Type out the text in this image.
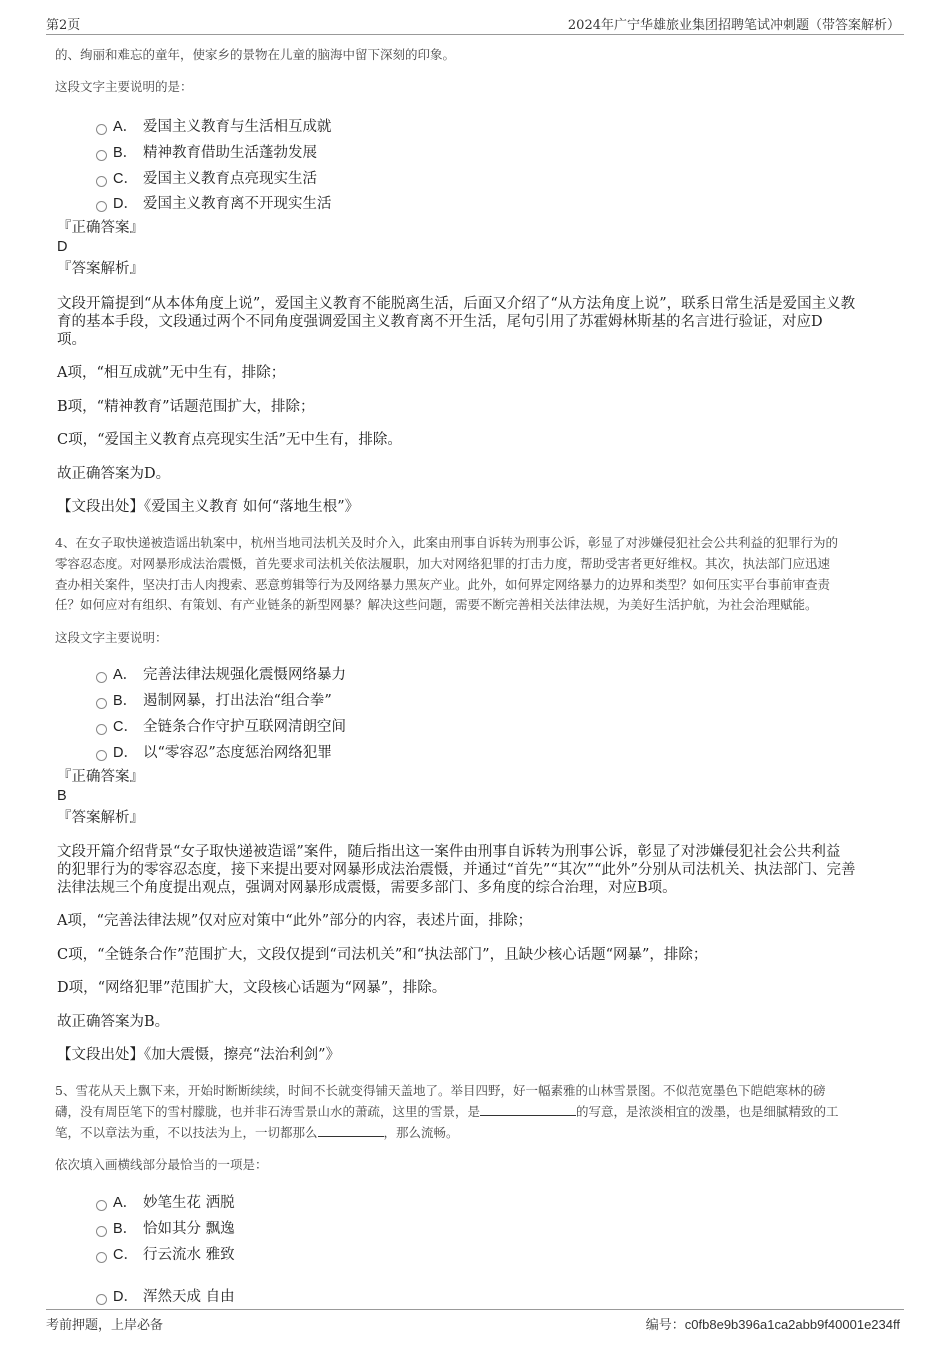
第2页	2024年广宁华雄旅业集团招聘笔试冲刺题（带答案解析）
的、绚丽和难忘的童年，使家乡的景物在儿童的脑海中留下深刻的印象。
这段文字主要说明的是：
A． 爱国主义教育与生活相互成就
B． 精神教育借助生活蓬勃发展
C． 爱国主义教育点亮现实生活
D． 爱国主义教育离不开现实生活
『正确答案』
D
『答案解析』
文段开篇提到“从本体角度上说”，爱国主义教育不能脱离生活，后面又介绍了“从方法角度上说”，联系日常生活是爱国主义教
育的基本手段，文段通过两个不同角度强调爱国主义教育离不开生活，尾句引用了苏霍姆林斯基的名言进行验证，对应D
项。
A项，“相互成就”无中生有，排除；
B项，“精神教育”话题范围扩大，排除；
C项，“爱国主义教育点亮现实生活”无中生有，排除。
故正确答案为D。
【文段出处】《爱国主义教育 如何“落地生根”》
4、在女子取快递被造谣出轨案中，杭州当地司法机关及时介入，此案由刑事自诉转为刑事公诉，彰显了对涉嫌侵犯社会公共利益的犯罪行为的
零容忍态度。对网暴形成法治震慑，首先要求司法机关依法履职，加大对网络犯罪的打击力度，帮助受害者更好维权。其次，执法部门应迅速
查办相关案件，坚决打击人肉搜索、恶意剪辑等行为及网络暴力黑灰产业。此外，如何界定网络暴力的边界和类型？如何压实平台事前审查责
任？如何应对有组织、有策划、有产业链条的新型网暴？解决这些问题，需要不断完善相关法律法规，为美好生活护航，为社会治理赋能。
这段文字主要说明：
A． 完善法律法规强化震慑网络暴力
B． 遏制网暴，打出法治“组合拳”
C． 全链条合作守护互联网清朗空间
D． 以“零容忍”态度惩治网络犯罪
『正确答案』
B
『答案解析』
文段开篇介绍背景“女子取快递被造谣”案件，随后指出这一案件由刑事自诉转为刑事公诉，彰显了对涉嫌侵犯社会公共利益
的犯罪行为的零容忍态度，接下来提出要对网暴形成法治震慑，并通过“首先”“其次”“此外”分别从司法机关、执法部门、完善
法律法规三个角度提出观点，强调对网暴形成震慑，需要多部门、多角度的综合治理，对应B项。
A项，“完善法律法规”仅对应对策中“此外”部分的内容，表述片面，排除；
C项，“全链条合作”范围扩大，文段仅提到“司法机关”和“执法部门”，且缺少核心话题“网暴”，排除；
D项，“网络犯罪”范围扩大，文段核心话题为“网暴”，排除。
故正确答案为B。
【文段出处】《加大震慑，擦亮“法治利剑”》
5、雪花从天上飘下来，开始时断断续续，时间不长就变得铺天盖地了。举目四野，好一幅素雅的山林雪景图。不似范宽墨色下皑皑寒林的磅
礴，没有周臣笔下的雪村朦胧，也并非石涛雪景山水的萧疏，这里的雪景，是	的写意，是浓淡相宜的泼墨，也是细腻精致的工
笔，不以章法为重，不以技法为上，一切都那么	，那么流畅。
依次填入画横线部分最恰当的一项是：
A． 妙笔生花 洒脱
B． 恰如其分 飘逸
C． 行云流水 雅致
D． 浑然天成 自由
考前押题，上岸必备	编号：c0fb8e9b396a1ca2abb9f40001e234ff
